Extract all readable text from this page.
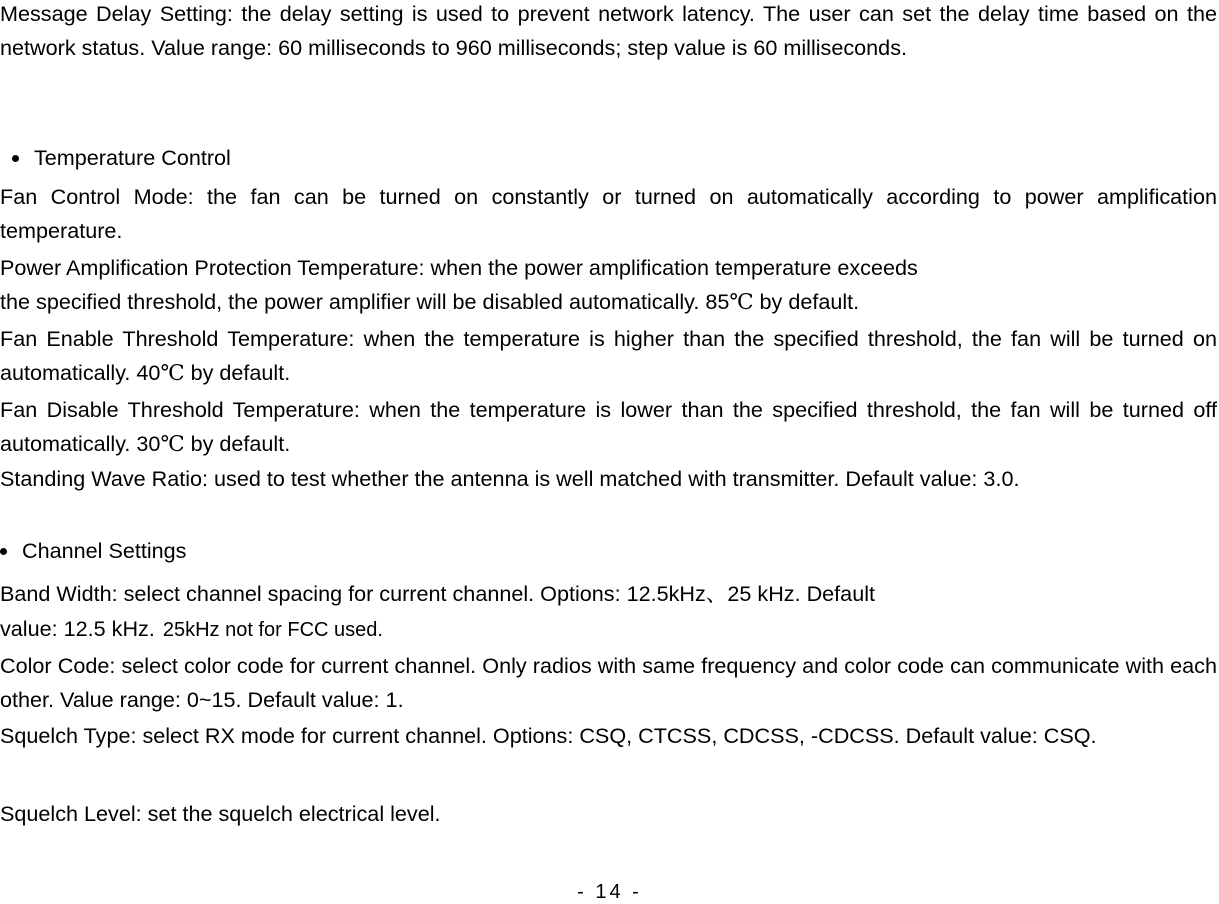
Message Delay Setting: the delay setting is used to prevent network latency. The user can set the delay time based on the network status. Value range: 60 milliseconds to 960 milliseconds; step value is 60 milliseconds.

Temperature Control

Fan Control Mode: the fan can be turned on constantly or turned on automatically according to power amplification temperature.

Power Amplification Protection Temperature: when the power amplification temperature exceeds

the specified threshold, the power amplifier will be disabled automatically. 85℃ by default.

Fan Enable Threshold Temperature: when the temperature is higher than the specified threshold, the fan will be turned on automatically. 40℃ by default.

Fan Disable Threshold Temperature: when the temperature is lower than the specified threshold, the fan will be turned off automatically. 30℃ by default.

Standing Wave Ratio: used to test whether the antenna is well matched with transmitter. Default value: 3.0.

Channel Settings

Band Width: select channel spacing for current channel. Options: 12.5kHz、25 kHz. Default

value: 12.5 kHz. 25kHz not for FCC used.

Color Code: select color code for current channel. Only radios with same frequency and color code can communicate with each other. Value range: 0~15. Default value: 1.

Squelch Type: select RX mode for current channel. Options: CSQ, CTCSS, CDCSS, -CDCSS. Default value: CSQ.

Squelch Level: set the squelch electrical level.

- 14 -
